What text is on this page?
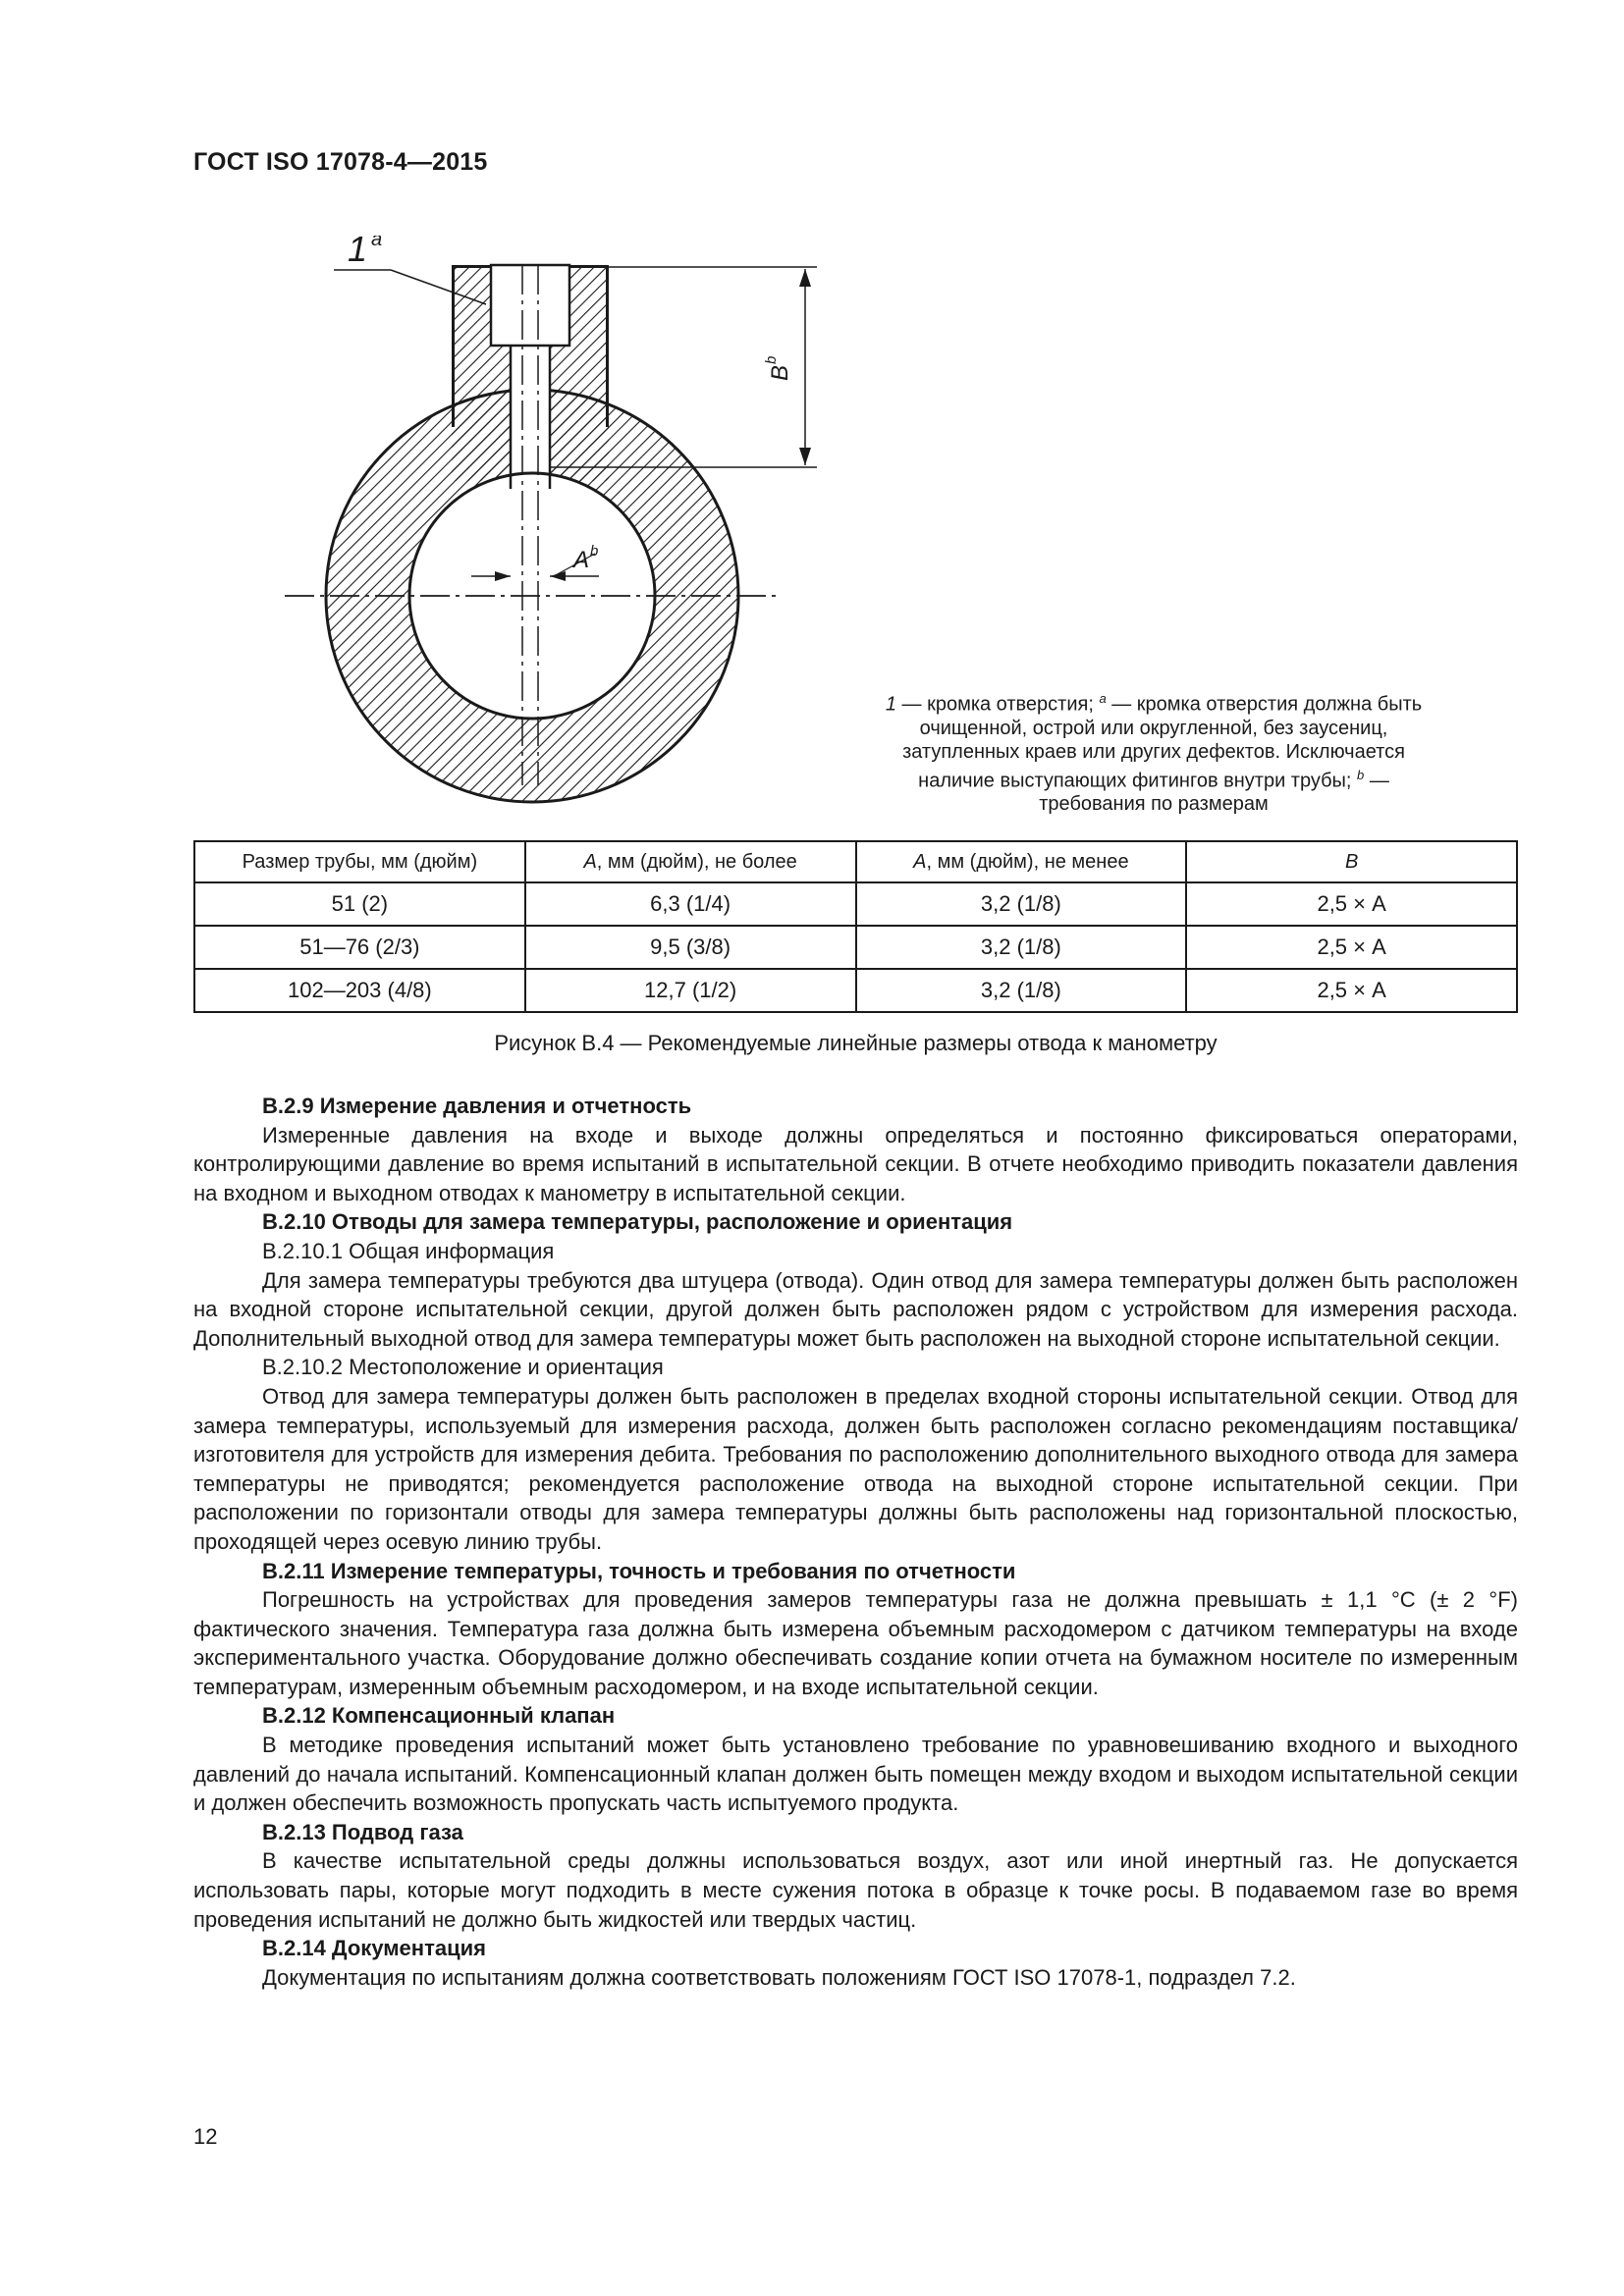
ГОСТ ISO 17078-4—2015
1 a
A b
B
b
1 — кромка отверстия; $^a$ — кромка отверстия должна быть очищенной, острой или округленной, без заусениц, затупленных краев или других дефектов. Исключается наличие выступающих фитингов внутри трубы; $^b$ — требования по размерам
Размер трубы, мм (дюйм)	А, мм (дюйм), не более	А, мм (дюйм), не менее	В
51 (2)	6,3 (1/4)	3,2 (1/8)	2,5 × А
51—76 (2/3)	9,5 (3/8)	3,2 (1/8)	2,5 × А
102—203 (4/8)	12,7 (1/2)	3,2 (1/8)	2,5 × А
Рисунок В.4 — Рекомендуемые линейные размеры отвода к манометру

В.2.9 Измерение давления и отчетность

Измеренные давления на входе и выходе должны определяться и постоянно фиксироваться операторами, контролирующими давление во время испытаний в испытательной секции. В отчете необходимо приводить показатели давления на входном и выходном отводах к манометру в испытательной секции.

В.2.10 Отводы для замера температуры, расположение и ориентация

В.2.10.1 Общая информация

Для замера температуры требуются два штуцера (отвода). Один отвод для замера температуры должен быть расположен на входной стороне испытательной секции, другой должен быть расположен рядом с устройством для измерения расхода. Дополнительный выходной отвод для замера температуры может быть расположен на выходной стороне испытательной секции.

В.2.10.2 Местоположение и ориентация

Отвод для замера температуры должен быть расположен в пределах входной стороны испытательной секции. Отвод для замера температуры, используемый для измерения расхода, должен быть расположен согласно рекомендациям поставщика/изготовителя для устройств для измерения дебита. Требования по расположению дополнительного выходного отвода для замера температуры не приводятся; рекомендуется расположение отвода на выходной стороне испытательной секции. При расположении по горизонтали отводы для замера температуры должны быть расположены над горизонтальной плоскостью, проходящей через осевую линию трубы.

В.2.11 Измерение температуры, точность и требования по отчетности

Погрешность на устройствах для проведения замеров температуры газа не должна превышать ± 1,1 °С (± 2 °F) фактического значения. Температура газа должна быть измерена объемным расходомером с датчиком температуры на входе экспериментального участка. Оборудование должно обеспечивать создание копии отчета на бумажном носителе по измеренным температурам, измеренным объемным расходомером, и на входе испытательной секции.

В.2.12 Компенсационный клапан

В методике проведения испытаний может быть установлено требование по уравновешиванию входного и выходного давлений до начала испытаний. Компенсационный клапан должен быть помещен между входом и выходом испытательной секции и должен обеспечить возможность пропускать часть испытуемого продукта.

В.2.13 Подвод газа

В качестве испытательной среды должны использоваться воздух, азот или иной инертный газ. Не допускается использовать пары, которые могут подходить в месте сужения потока в образце к точке росы. В подаваемом газе во время проведения испытаний не должно быть жидкостей или твердых частиц.

В.2.14 Документация

Документация по испытаниям должна соответствовать положениям ГОСТ ISO 17078-1, подраздел 7.2.

12
